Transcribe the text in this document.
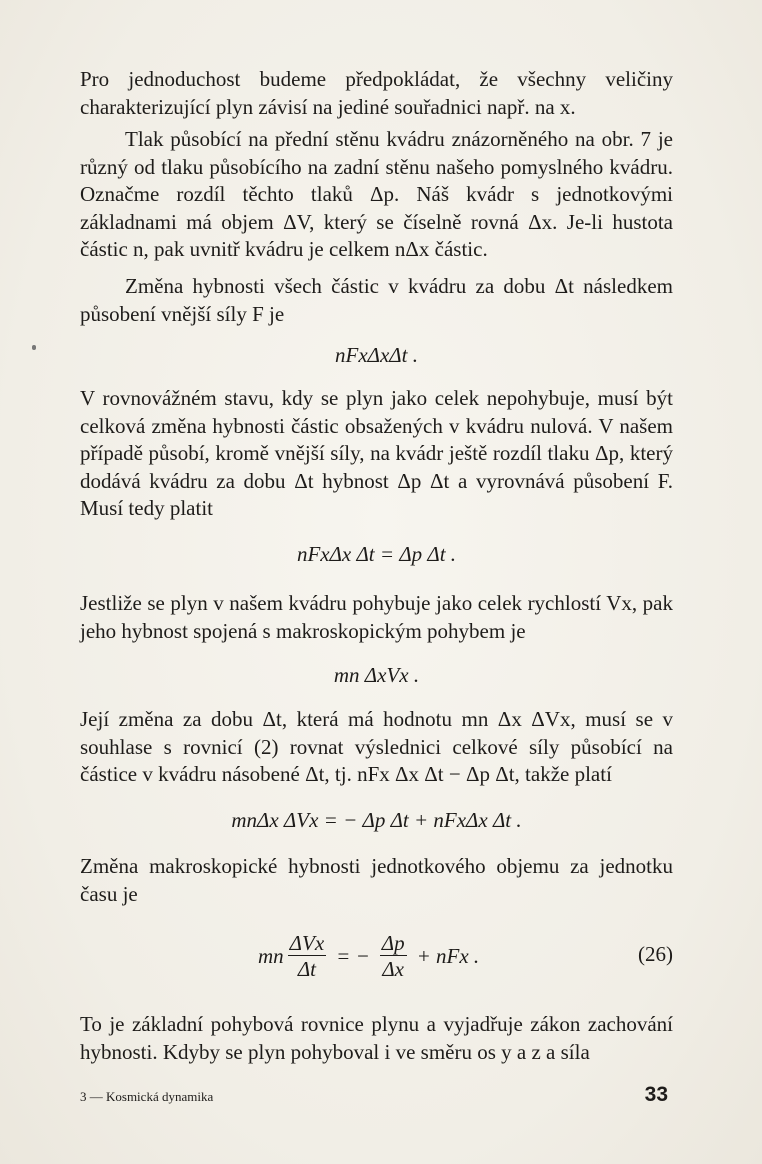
Pro jednoduchost budeme předpokládat, že všechny veličiny charakterizující plyn závisí na jediné souřadnici např. na x.
Tlak působící na přední stěnu kvádru znázorněného na obr. 7 je různý od tlaku působícího na zadní stěnu našeho pomyslného kvádru. Označme rozdíl těchto tlaků Δp. Náš kvádr s jednotkovými základnami má objem ΔV, který se číselně rovná Δx. Je-li hustota částic n, pak uvnitř kvádru je celkem nΔx částic.
Změna hybnosti všech částic v kvádru za dobu Δt následkem působení vnější síly F je
nFxΔxΔt .
V rovnovážném stavu, kdy se plyn jako celek nepohybuje, musí být celková změna hybnosti částic obsažených v kvádru nulová. V našem případě působí, kromě vnější síly, na kvádr ještě rozdíl tlaku Δp, který dodává kvádru za dobu Δt hybnost Δp Δt a vyrovnává působení F. Musí tedy platit
nFxΔx Δt = Δp Δt .
Jestliže se plyn v našem kvádru pohybuje jako celek rychlostí Vx, pak jeho hybnost spojená s makroskopickým pohybem je
mn ΔxVx .
Její změna za dobu Δt, která má hodnotu mn Δx ΔVx, musí se v souhlase s rovnicí (2) rovnat výslednici celkové síly působící na částice v kvádru násobené Δt, tj. nFx Δx Δt − Δp Δt, takže platí
mnΔx ΔVx = − Δp Δt + nFxΔx Δt .
Změna makroskopické hybnosti jednotkového objemu za jednotku času je
mn $\frac{\text{ΔVx}}{\Delta t}$ = − $\frac{\Delta p}{\Delta x}$ + nFx .	(26)
To je základní pohybová rovnice plynu a vyjadřuje zákon zachování hybnosti. Kdyby se plyn pohyboval i ve směru os y a z a síla
3 — Kosmická dynamika	33
